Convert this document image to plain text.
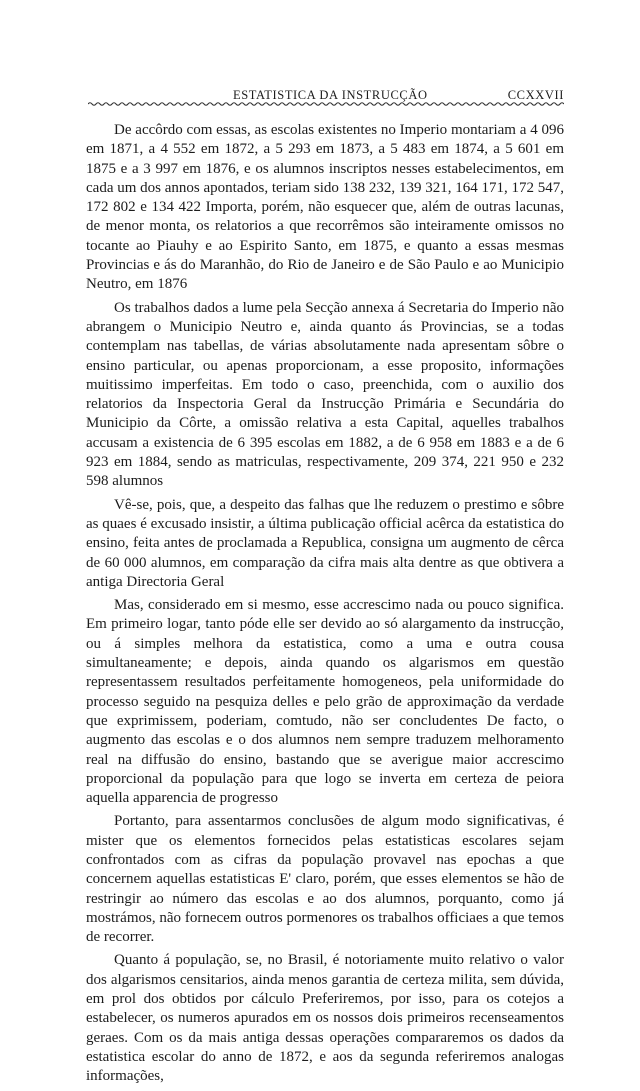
ESTATISTICA DA INSTRUCÇÃO	CCXXVII

De accôrdo com essas, as escolas existentes no Imperio montariam a 4 096 em 1871, a 4 552 em 1872, a 5 293 em 1873, a 5 483 em 1874, a 5 601 em 1875 e a 3 997 em 1876, e os alumnos inscriptos nesses estabelecimentos, em cada um dos annos apontados, teriam sido 138 232, 139 321, 164 171, 172 547, 172 802 e 134 422 Importa, porém, não esquecer que, além de outras lacunas, de menor monta, os relatorios a que recorrêmos são inteiramente omissos no tocante ao Piauhy e ao Espirito Santo, em 1875, e quanto a essas mesmas Provincias e ás do Maranhão, do Rio de Janeiro e de São Paulo e ao Municipio Neutro, em 1876

Os trabalhos dados a lume pela Secção annexa á Secretaria do Imperio não abrangem o Municipio Neutro e, ainda quanto ás Provincias, se a todas contemplam nas tabellas, de várias absolutamente nada apresentam sôbre o ensino particular, ou apenas proporcionam, a esse proposito, informações muitissimo imperfeitas. Em todo o caso, preenchida, com o auxilio dos relatorios da Inspectoria Geral da Instrucção Primária e Secundária do Municipio da Côrte, a omissão relativa a esta Capital, aquelles trabalhos accusam a existencia de 6 395 escolas em 1882, a de 6 958 em 1883 e a de 6 923 em 1884, sendo as matriculas, respectivamente, 209 374, 221 950 e 232 598 alumnos

Vê-se, pois, que, a despeito das falhas que lhe reduzem o prestimo e sôbre as quaes é excusado insistir, a última publicação official acêrca da estatistica do ensino, feita antes de proclamada a Republica, consigna um augmento de cêrca de 60 000 alumnos, em comparação da cifra mais alta dentre as que obtivera a antiga Directoria Geral

Mas, considerado em si mesmo, esse accrescimo nada ou pouco significa. Em primeiro logar, tanto póde elle ser devido ao só alargamento da instrucção, ou á simples melhora da estatistica, como a uma e outra cousa simultaneamente; e depois, ainda quando os algarismos em questão representassem resultados perfeitamente homogeneos, pela uniformidade do processo seguido na pesquiza delles e pelo grão de approximação da verdade que exprimissem, poderiam, comtudo, não ser concludentes De facto, o augmento das escolas e o dos alumnos nem sempre traduzem melhoramento real na diffusão do ensino, bastando que se averigue maior accrescimo proporcional da população para que logo se inverta em certeza de peiora aquella apparencia de progresso

Portanto, para assentarmos conclusões de algum modo significativas, é mister que os elementos fornecidos pelas estatisticas escolares sejam confrontados com as cifras da população provavel nas epochas a que concernem aquellas estatisticas E' claro, porém, que esses elementos se hão de restringir ao número das escolas e ao dos alumnos, porquanto, como já mostrámos, não fornecem outros pormenores os trabalhos officiaes a que temos de recorrer.

Quanto á população, se, no Brasil, é notoriamente muito relativo o valor dos algarismos censitarios, ainda menos garantia de certeza milita, sem dúvida, em prol dos obtidos por cálculo Preferiremos, por isso, para os cotejos a estabelecer, os numeros apurados em os nossos dois primeiros recenseamentos geraes. Com os da mais antiga dessas operações compararemos os dados da estatistica escolar do anno de 1872, e aos da segunda referiremos analogas informações,
